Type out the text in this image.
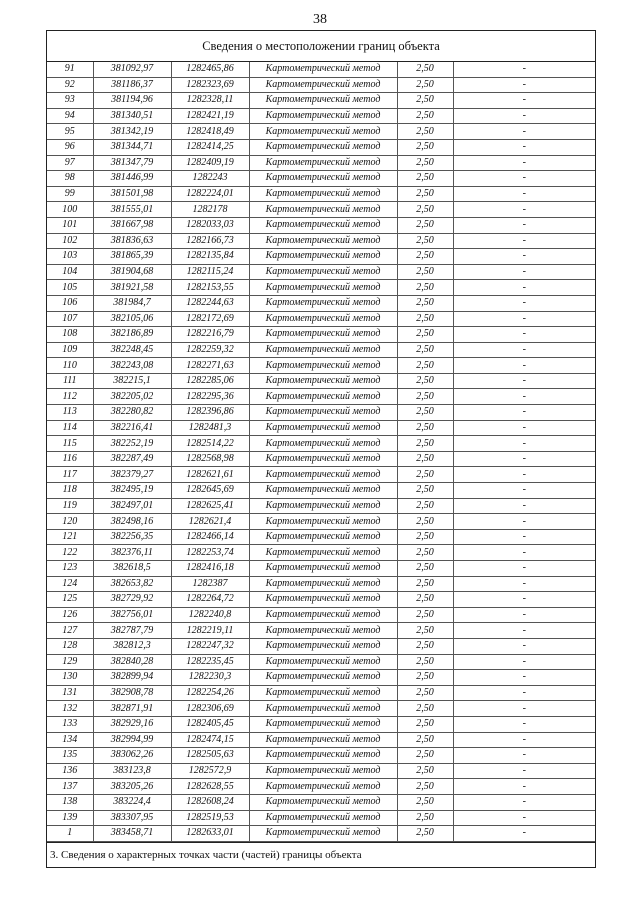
38
Сведения о местоположении границ объекта
91	381092,97	1282465,86	Картометрический метод	2,50	-
92	381186,37	1282323,69	Картометрический метод	2,50	-
93	381194,96	1282328,11	Картометрический метод	2,50	-
94	381340,51	1282421,19	Картометрический метод	2,50	-
95	381342,19	1282418,49	Картометрический метод	2,50	-
96	381344,71	1282414,25	Картометрический метод	2,50	-
97	381347,79	1282409,19	Картометрический метод	2,50	-
98	381446,99	1282243	Картометрический метод	2,50	-
99	381501,98	1282224,01	Картометрический метод	2,50	-
100	381555,01	1282178	Картометрический метод	2,50	-
101	381667,98	1282033,03	Картометрический метод	2,50	-
102	381836,63	1282166,73	Картометрический метод	2,50	-
103	381865,39	1282135,84	Картометрический метод	2,50	-
104	381904,68	1282115,24	Картометрический метод	2,50	-
105	381921,58	1282153,55	Картометрический метод	2,50	-
106	381984,7	1282244,63	Картометрический метод	2,50	-
107	382105,06	1282172,69	Картометрический метод	2,50	-
108	382186,89	1282216,79	Картометрический метод	2,50	-
109	382248,45	1282259,32	Картометрический метод	2,50	-
110	382243,08	1282271,63	Картометрический метод	2,50	-
111	382215,1	1282285,06	Картометрический метод	2,50	-
112	382205,02	1282295,36	Картометрический метод	2,50	-
113	382280,82	1282396,86	Картометрический метод	2,50	-
114	382216,41	1282481,3	Картометрический метод	2,50	-
115	382252,19	1282514,22	Картометрический метод	2,50	-
116	382287,49	1282568,98	Картометрический метод	2,50	-
117	382379,27	1282621,61	Картометрический метод	2,50	-
118	382495,19	1282645,69	Картометрический метод	2,50	-
119	382497,01	1282625,41	Картометрический метод	2,50	-
120	382498,16	1282621,4	Картометрический метод	2,50	-
121	382256,35	1282466,14	Картометрический метод	2,50	-
122	382376,11	1282253,74	Картометрический метод	2,50	-
123	382618,5	1282416,18	Картометрический метод	2,50	-
124	382653,82	1282387	Картометрический метод	2,50	-
125	382729,92	1282264,72	Картометрический метод	2,50	-
126	382756,01	1282240,8	Картометрический метод	2,50	-
127	382787,79	1282219,11	Картометрический метод	2,50	-
128	382812,3	1282247,32	Картометрический метод	2,50	-
129	382840,28	1282235,45	Картометрический метод	2,50	-
130	382899,94	1282230,3	Картометрический метод	2,50	-
131	382908,78	1282254,26	Картометрический метод	2,50	-
132	382871,91	1282306,69	Картометрический метод	2,50	-
133	382929,16	1282405,45	Картометрический метод	2,50	-
134	382994,99	1282474,15	Картометрический метод	2,50	-
135	383062,26	1282505,63	Картометрический метод	2,50	-
136	383123,8	1282572,9	Картометрический метод	2,50	-
137	383205,26	1282628,55	Картометрический метод	2,50	-
138	383224,4	1282608,24	Картометрический метод	2,50	-
139	383307,95	1282519,53	Картометрический метод	2,50	-
1	383458,71	1282633,01	Картометрический метод	2,50	-
3. Сведения о характерных точках части (частей) границы объекта
